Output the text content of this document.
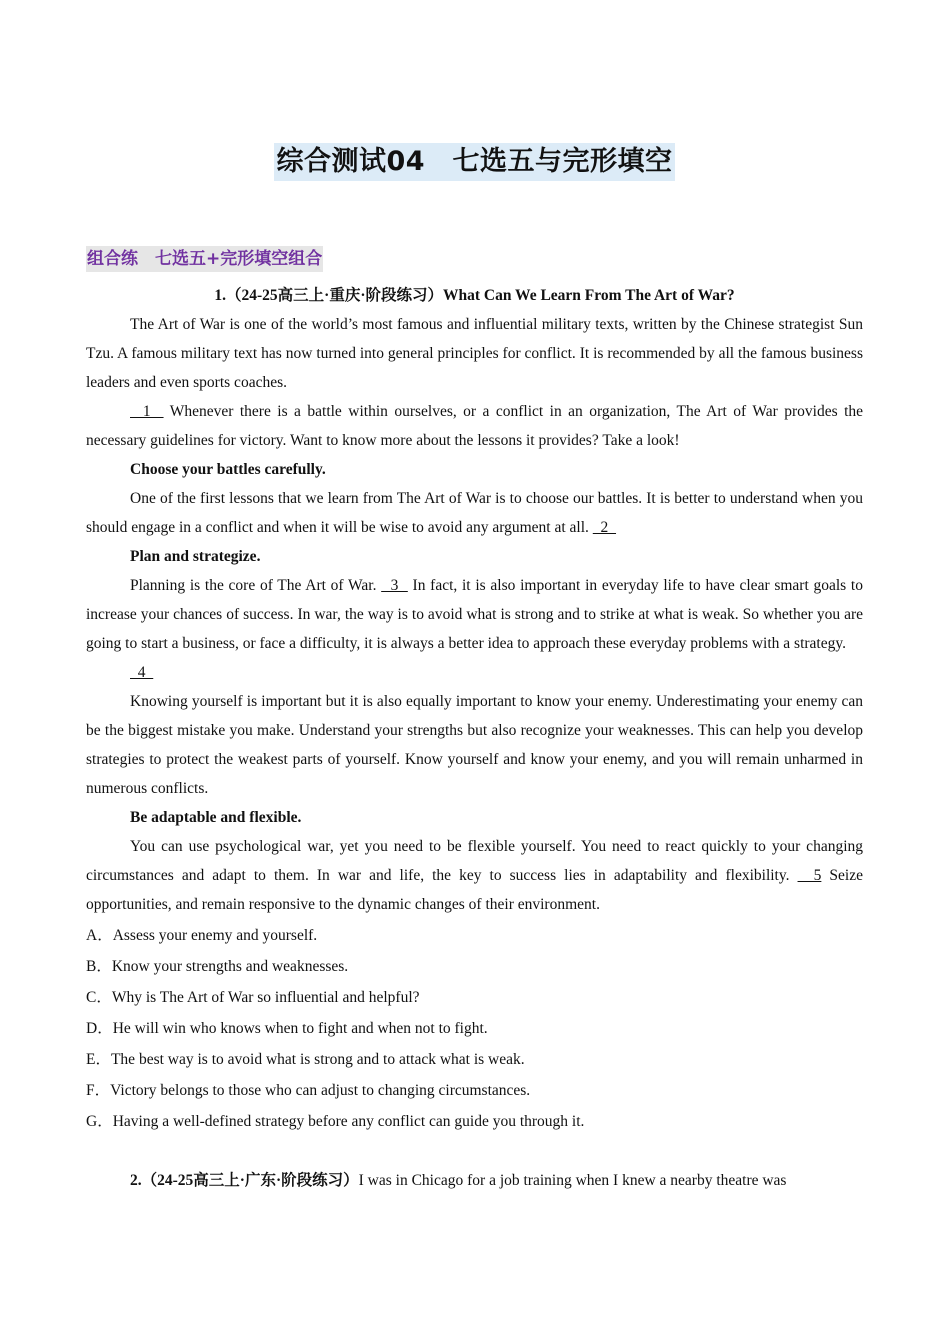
综合测试04　七选五与完形填空
组合练　七选五+完形填空组合
1.（24-25高三上·重庆·阶段练习）What Can We Learn From The Art of War?

The Art of War is one of the world’s most famous and influential military texts, written by the Chinese strategist Sun Tzu. A famous military text has now turned into general principles for conflict. It is recommended by all the famous business leaders and even sports coaches.

1   Whenever there is a battle within ourselves, or a conflict in an organization, The Art of War provides the necessary guidelines for victory. Want to know more about the lessons it provides? Take a look!

Choose your battles carefully.

One of the first lessons that we learn from The Art of War is to choose our battles. It is better to understand when you should engage in a conflict and when it will be wise to avoid any argument at all.   2

Plan and strategize.

Planning is the core of The Art of War.   3   In fact, it is also important in everyday life to have clear smart goals to increase your chances of success. In war, the way is to avoid what is strong and to strike at what is weak. So whether you are going to start a business, or face a difficulty, it is always a better idea to approach these everyday problems with a strategy.

4

Knowing yourself is important but it is also equally important to know your enemy. Underestimating your enemy can be the biggest mistake you make. Understand your strengths but also recognize your weaknesses. This can help you develop strategies to protect the weakest parts of yourself. Know yourself and know your enemy, and you will remain unharmed in numerous conflicts.

Be adaptable and flexible.

You can use psychological war, yet you need to be flexible yourself. You need to react quickly to your changing circumstances and adapt to them. In war and life, the key to success lies in adaptability and flexibility.   5 Seize opportunities, and remain responsive to the dynamic changes of their environment.

A．Assess your enemy and yourself.

B．Know your strengths and weaknesses.

C．Why is The Art of War so influential and helpful?

D．He will win who knows when to fight and when not to fight.

E．The best way is to avoid what is strong and to attack what is weak.

F．Victory belongs to those who can adjust to changing circumstances.

G．Having a well-defined strategy before any conflict can guide you through it.

2.（24-25高三上·广东·阶段练习）I was in Chicago for a job training when I knew a nearby theatre was
